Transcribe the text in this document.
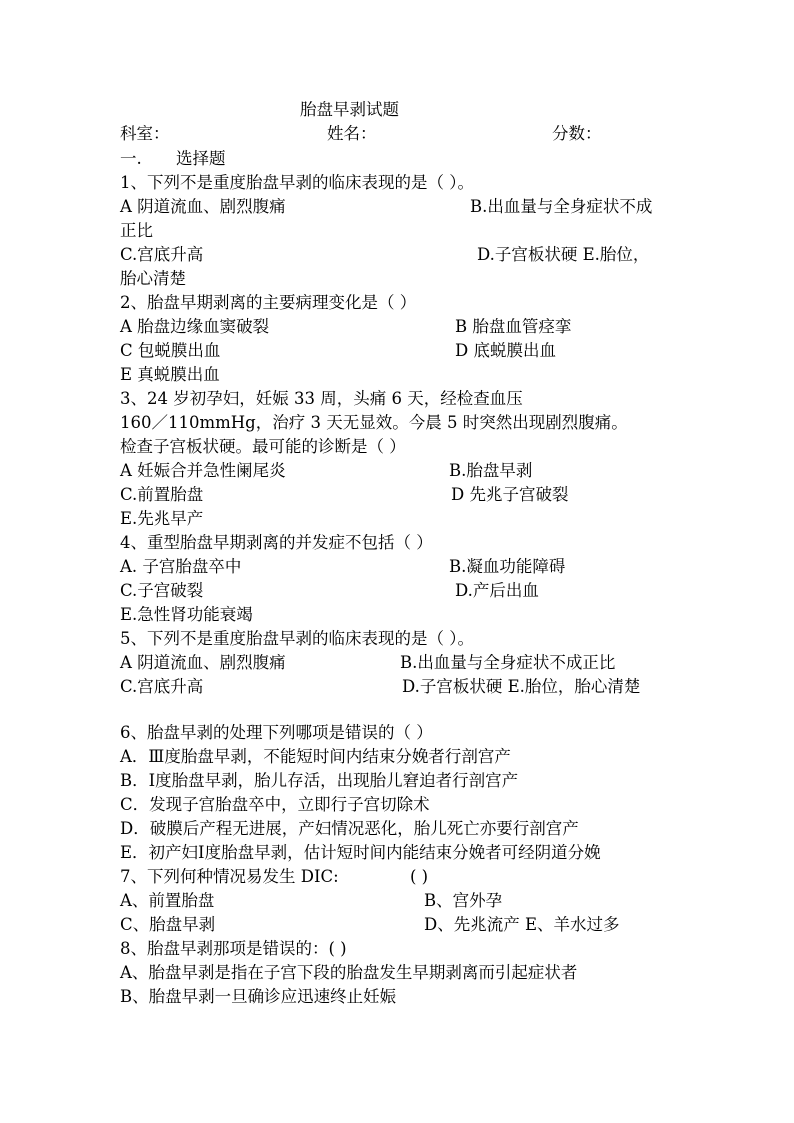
胎盘早剥试题
科室：	姓名：	分数：
一. 选择题
1、下列不是重度胎盘早剥的临床表现的是（ ）。
A 阴道流血、剧烈腹痛	B.出血量与全身症状不成
正比
C.宫底升高	D.子宫板状硬 E.胎位，
胎心清楚
2、胎盘早期剥离的主要病理变化是（ ）
A 胎盘边缘血窦破裂	B 胎盘血管痉挛
C 包蜕膜出血	D 底蜕膜出血
E 真蜕膜出血
3、24 岁初孕妇，妊娠 33 周，头痛 6 天，经检查血压
160／110mmHg，治疗 3 天无显效。今晨 5 时突然出现剧烈腹痛。
检查子宫板状硬。最可能的诊断是（ ）
A 妊娠合并急性阑尾炎	B.胎盘早剥
C.前置胎盘	D 先兆子宫破裂
E.先兆早产
4、重型胎盘早期剥离的并发症不包括（ ）
A. 子宫胎盘卒中	B.凝血功能障碍
C.子宫破裂	D.产后出血
E.急性肾功能衰竭
5、下列不是重度胎盘早剥的临床表现的是（ ）。
A 阴道流血、剧烈腹痛	B.出血量与全身症状不成正比
C.宫底升高	D.子宫板状硬 E.胎位，胎心清楚
6、胎盘早剥的处理下列哪项是错误的（ ）
A．Ⅲ度胎盘早剥，不能短时间内结束分娩者行剖宫产
B．Ⅰ度胎盘早剥，胎儿存活，出现胎儿窘迫者行剖宫产
C．发现子宫胎盘卒中，立即行子宫切除术
D．破膜后产程无进展，产妇情况恶化，胎儿死亡亦要行剖宫产
E．初产妇Ⅰ度胎盘早剥，估计短时间内能结束分娩者可经阴道分娩
7、下列何种情况易发生 DIC:	( )
A、前置胎盘	B、宫外孕
C、胎盘早剥	D、先兆流产 E、羊水过多
8、胎盘早剥那项是错误的：( )
A、胎盘早剥是指在子宫下段的胎盘发生早期剥离而引起症状者
B、胎盘早剥一旦确诊应迅速终止妊娠
